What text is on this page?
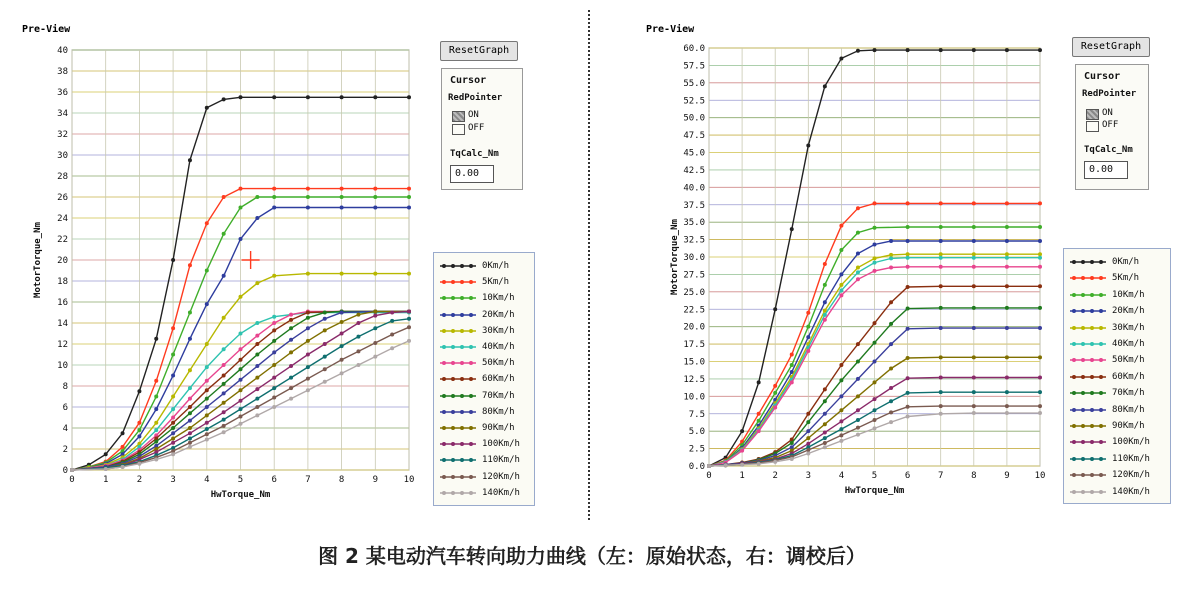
Pre-View
0
2
4
6
8
10
12
14
16
18
20
22
24
26
28
30
32
34
36
38
40
0	1	2	3	4	5	6	7	8	9	10
HwTorque_Nm
MotorTorque_Nm
ResetGraph
Cursor
RedPointer
ON
OFF
TqCalc_Nm
0.00
0Km/h
5Km/h
10Km/h
20Km/h
30Km/h
40Km/h
50Km/h
60Km/h
70Km/h
80Km/h
90Km/h
100Km/h
110Km/h
120Km/h
140Km/h
Pre-View
0.0
2.5
5.0
7.5
10.0
12.5
15.0
17.5
20.0
22.5
25.0
27.5
30.0
32.5
35.0
37.5
40.0
42.5
45.0
47.5
50.0
52.5
55.0
57.5
60.0
0	1	2	3	4	5	6	7	8	9	10
HwTorque_Nm
MotorTorque_Nm
ResetGraph
Cursor
RedPointer
ON
OFF
TqCalc_Nm
0.00
0Km/h
5Km/h
10Km/h
20Km/h
30Km/h
40Km/h
50Km/h
60Km/h
70Km/h
80Km/h
90Km/h
100Km/h
110Km/h
120Km/h
140Km/h
图 2 某电动汽车转向助力曲线（左：原始状态，右：调校后）
